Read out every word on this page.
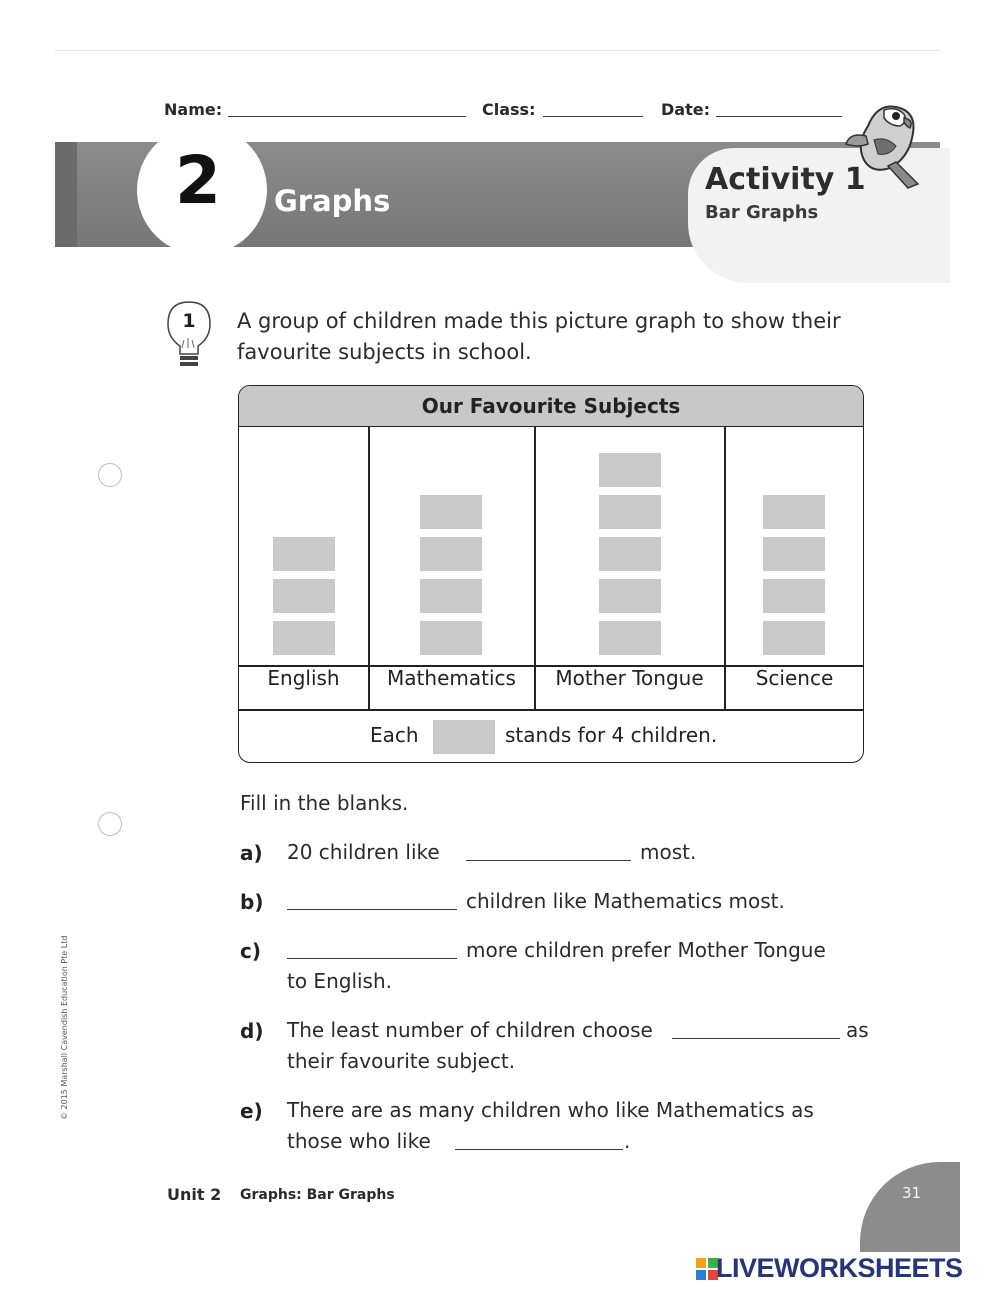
Name:	Class:	Date:
2	Graphs
Activity 1
Bar Graphs
1	A group of children made this picture graph to show their favourite subjects in school.
Our Favourite Subjects
English	Mathematics	Mother Tongue	Science
Each	stands for 4 children.
Fill in the blanks.
a) 20 children like	most.
b)	children like Mathematics most.
c)	more children prefer Mother Tongue
to English.
d) The least number of children choose	as
their favourite subject.
e) There are as many children who like Mathematics as
those who like	.
© 2015 Marshall Cavendish Education Pte Ltd
Unit 2 Graphs: Bar Graphs	31
LIVEWORKSHEETS
